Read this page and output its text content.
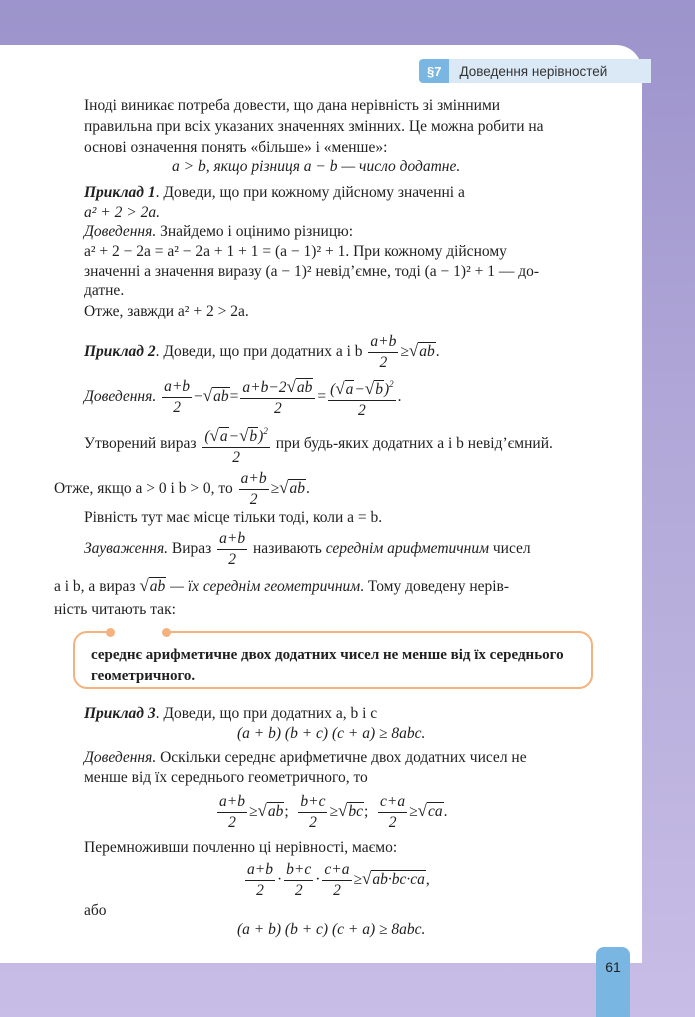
§7	Доведення нерівностей
Іноді виникає потреба довести, що дана нерівність зі змінними
правильна при всіх указаних значеннях змінних. Це можна робити на
основі означення понять «більше» і «менше»:
a > b, якщо різниця a − b — число додатне.
Приклад 1. Доведи, що при кожному дійсному значенні a
a² + 2 > 2a.
Доведення. Знайдемо і оцінимо різницю:
a² + 2 − 2a = a² − 2a + 1 + 1 = (a − 1)² + 1. При кожному дійсному
значенні a значення виразу (a − 1)² невід’ємне, тоді (a − 1)² + 1 — до-
датне.
Отже, завжди a² + 2 > 2a.
Приклад 2. Доведи, що при додатних a і b $\frac{a+b}{2} \ge√ab$.
Доведення. $\frac{a+b}{2} -√ab= \frac{a+b-2√ab}{2} = \frac{(√a-√b)^2}{2}$ .
Утворений вираз $\frac{(√a-√b)^2}{2}$ при будь-яких додатних a і b невід’ємний.
Отже, якщо a > 0 і b > 0, то $\frac{a+b}{2} \ge√ab$.
Рівність тут має місце тільки тоді, коли a = b.
Зауваження. Вираз $\frac{a+b}{2}$ називають середнім арифметичним чисел
a і b, а вираз √ab — їх середнім геометричним. Тому доведену нерів-
ність читають так:
середнє арифметичне двох додатних чисел не менше від їх середнього геометричного.
Приклад 3. Доведи, що при додатних a, b і c
(a + b) (b + c) (c + a) ≥ 8abc.
Доведення. Оскільки середнє арифметичне двох додатних чисел не
менше від їх середнього геометричного, то
$\frac{a+b}{2} \ge√ab$; $\frac{b+c}{2} \ge√bc$; $\frac{c+a}{2} \ge√ca$.
Перемноживши почленно ці нерівності, маємо:
$\frac{a+b}{2} \cdot \frac{b+c}{2} \cdot \frac{c+a}{2} \ge√ab\cdot bc\cdot ca$,
або
(a + b) (b + c) (c + a) ≥ 8abc.
61
